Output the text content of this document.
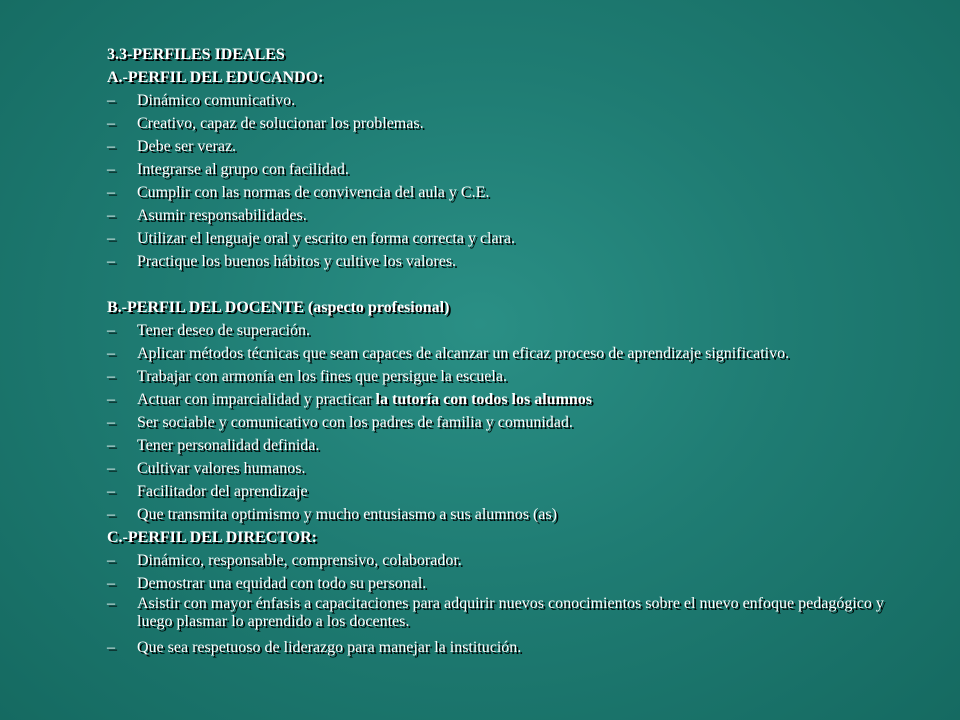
3.3-PERFILES IDEALES
A.-PERFIL DEL EDUCANDO:
– Dinámico comunicativo.
– Creativo, capaz de solucionar los problemas.
– Debe ser veraz.
– Integrarse al grupo con facilidad.
– Cumplir con las normas de convivencia del aula y C.E.
– Asumir responsabilidades.
– Utilizar el lenguaje oral y escrito en forma correcta y clara.
– Practique los buenos hábitos y cultive los valores.
B.-PERFIL DEL DOCENTE (aspecto profesional)
– Tener deseo de superación.
– Aplicar métodos técnicas que sean capaces de alcanzar un eficaz proceso de aprendizaje significativo.
– Trabajar con armonía en los fines que persigue la escuela.
– Actuar con imparcialidad y practicar la tutoría con todos los alumnos
– Ser sociable y comunicativo con los padres de familia y comunidad.
– Tener personalidad definida.
– Cultivar valores humanos.
– Facilitador del aprendizaje
– Que transmita optimismo y mucho entusiasmo a sus alumnos (as)
C.-PERFIL DEL DIRECTOR:
– Dinámico, responsable, comprensivo, colaborador.
– Demostrar una equidad con todo su personal.
– Asistir con mayor énfasis a capacitaciones para adquirir nuevos conocimientos sobre el nuevo enfoque pedagógico y luego plasmar lo aprendido a los docentes.
– Que sea respetuoso de liderazgo para manejar la institución.
